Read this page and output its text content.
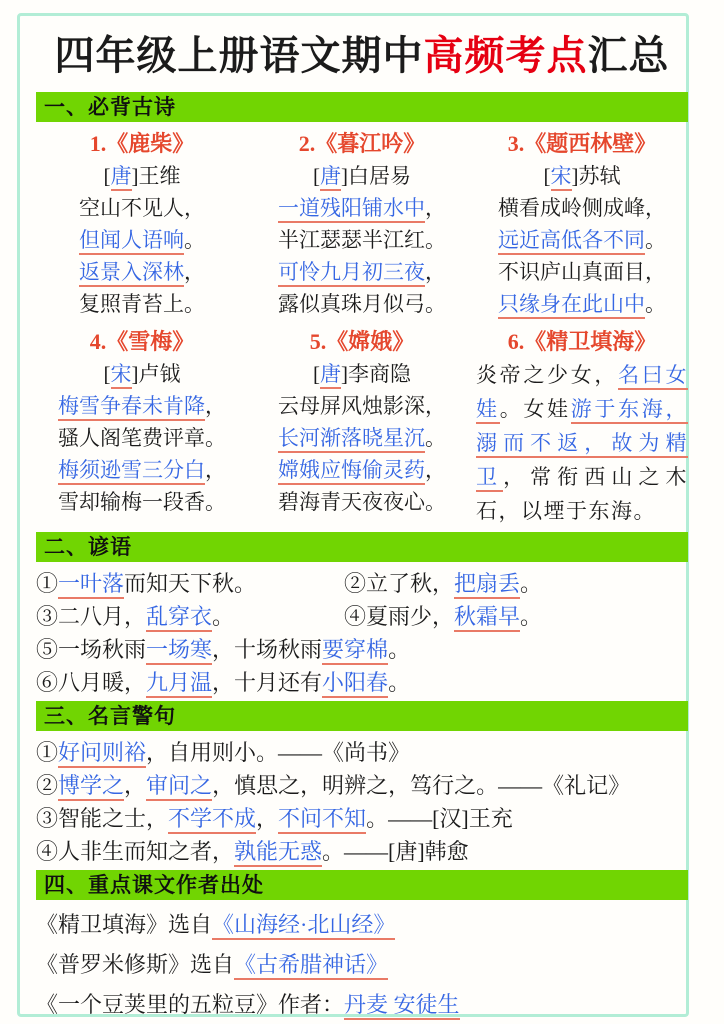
四年级上册语文期中高频考点汇总
一、必背古诗
1.《鹿柴》
[唐]王维
空山不见人，
但闻人语响。
返景入深林，
复照青苔上。
2.《暮江吟》
[唐]白居易
一道残阳铺水中，
半江瑟瑟半江红。
可怜九月初三夜，
露似真珠月似弓。
3.《题西林壁》
[宋]苏轼
横看成岭侧成峰，
远近高低各不同。
不识庐山真面目，
只缘身在此山中。
4.《雪梅》
[宋]卢钺
梅雪争春未肯降，
骚人阁笔费评章。
梅须逊雪三分白，
雪却输梅一段香。
5.《嫦娥》
[唐]李商隐
云母屏风烛影深，
长河渐落晓星沉。
嫦娥应悔偷灵药，
碧海青天夜夜心。
6.《精卫填海》
炎帝之少女，名曰女娃。女娃游于东海，溺而不返，故为精卫，常衔西山之木石，以堙于东海。
二、谚语
①一叶落而知天下秋。	②立了秋，把扇丢。
③二八月，乱穿衣。	④夏雨少，秋霜早。
⑤一场秋雨一场寒，十场秋雨要穿棉。
⑥八月暖，九月温，十月还有小阳春。
三、名言警句
①好问则裕，自用则小。——《尚书》
②博学之，审问之，慎思之，明辨之，笃行之。——《礼记》
③智能之士，不学不成，不问不知。——[汉]王充
④人非生而知之者，孰能无惑。——[唐]韩愈
四、重点课文作者出处
《精卫填海》选自《山海经·北山经》
《普罗米修斯》选自《古希腊神话》
《一个豆荚里的五粒豆》作者：丹麦 安徒生
